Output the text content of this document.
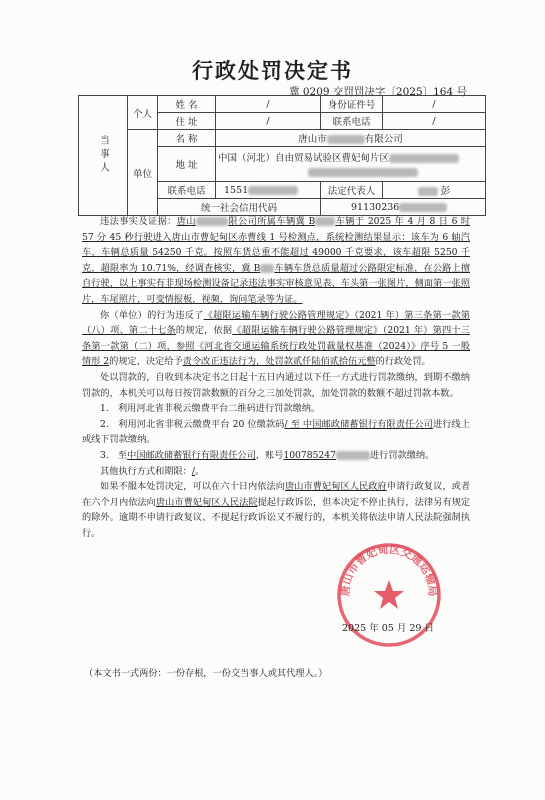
行政处罚决定书
冀 0209 交罚罚决字〔2025〕164 号
当事人	个人	姓 名	/	身份证件号	/
		住 址	/	联系电话	/
	单位	名 称	唐山市 有限公司		
		地 址	中国（河北）自由贸易试验区曹妃甸片区		

		联系电话	1551	法定代表人	彭
		统一社会信用代码		91130236	

违法事实及证据：唐山	限公司所属车辆冀 B 车辆于 2025 年 4 月 8 日 6 时 57 分 45 秒行驶进入唐山市曹妃甸区赤曹线 1 号检测点，系统检测结果显示：该车为 6 轴汽车，车辆总质量 54250 千克。按照车货总重不能超过 49000 千克要求，该车超限 5250 千克，超限率为 10.71%，经调查核实，冀 B 车辆车货总质量超过公路限定标准，在公路上擅自行驶，以上事实有非现场检测设备记录违法事实审核意见表、车头第一张图片，侧面第一张照片，车尾照片，可变情报板，视频，询问笔录等为证。

你（单位）的行为违反了《超限运输车辆行驶公路管理规定》（2021 年）第三条第一款第（八）项、第二十七条的规定，依据《超限运输车辆行驶公路管理规定》（2021 年）第四十三条第一款第（二）项，参照《河北省交通运输系统行政处罚裁量权基准（2024）》序号 5 一般情形 2的规定，决定给予责令改正违法行为，处罚款贰仟陆佰贰拾伍元整的行政处罚。

处以罚款的，自收到本决定书之日起十五日内通过以下任一方式进行罚款缴纳，到期不缴纳罚款的，本机关可以每日按罚款数额的百分之三加处罚款，加处罚款的数额不超过罚款本数。

1.　利用河北省非税云缴费平台二维码进行罚款缴纳。

2.　利用河北省非税云缴费平台 20 位缴款码/ 至 中国邮政储蓄银行有限责任公司进行线上或线下罚款缴纳。

3.　至中国邮政储蓄银行有限责任公司，账号100785247	进行罚款缴纳。

其他执行方式和期限：/。

如果不服本处罚决定，可以在六十日内依法向唐山市曹妃甸区人民政府申请行政复议，或者在六个月内依法向唐山市曹妃甸区人民法院提起行政诉讼，但本决定不停止执行，法律另有规定的除外。逾期不申请行政复议、不提起行政诉讼又不履行的，本机关将依法申请人民法院强制执行。

唐山市曹妃甸区交通运输局
2025 年 05 月 29 日
（本文书一式两份：一份存根，一份交当事人或其代理人。）
